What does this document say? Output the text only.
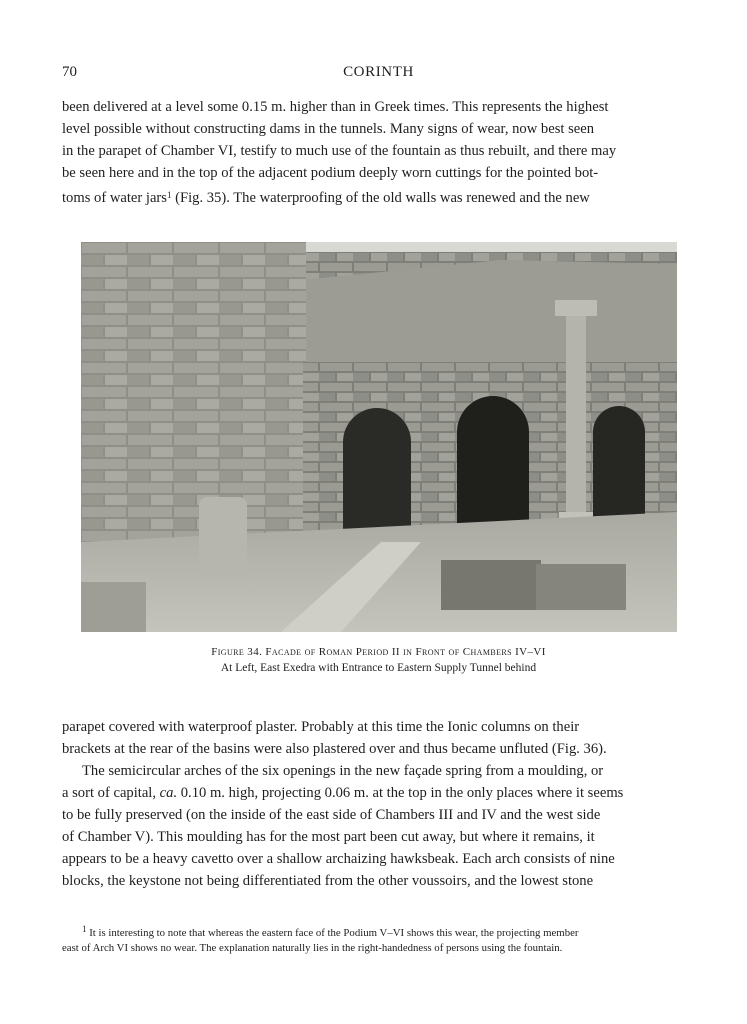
70	CORINTH
been delivered at a level some 0.15 m. higher than in Greek times. This represents the highest
level possible without constructing dams in the tunnels. Many signs of wear, now best seen
in the parapet of Chamber VI, testify to much use of the fountain as thus rebuilt, and there may
be seen here and in the top of the adjacent podium deeply worn cuttings for the pointed bot-
toms of water jars$^1$ (Fig. 35). The waterproofing of the old walls was renewed and the new
Figure 34. Facade of Roman Period II in Front of Chambers IV–VI
At Left, East Exedra with Entrance to Eastern Supply Tunnel behind
parapet covered with waterproof plaster. Probably at this time the Ionic columns on their
brackets at the rear of the basins were also plastered over and thus became unfluted (Fig. 36).
The semicircular arches of the six openings in the new façade spring from a moulding, or
a sort of capital, ca. 0.10 m. high, projecting 0.06 m. at the top in the only places where it seems
to be fully preserved (on the inside of the east side of Chambers III and IV and the west side
of Chamber V). This moulding has for the most part been cut away, but where it remains, it
appears to be a heavy cavetto over a shallow archaizing hawksbeak. Each arch consists of nine
blocks, the keystone not being differentiated from the other voussoirs, and the lowest stone
$^1$ It is interesting to note that whereas the eastern face of the Podium V–VI shows this wear, the projecting member
east of Arch VI shows no wear. The explanation naturally lies in the right-handedness of persons using the fountain.
